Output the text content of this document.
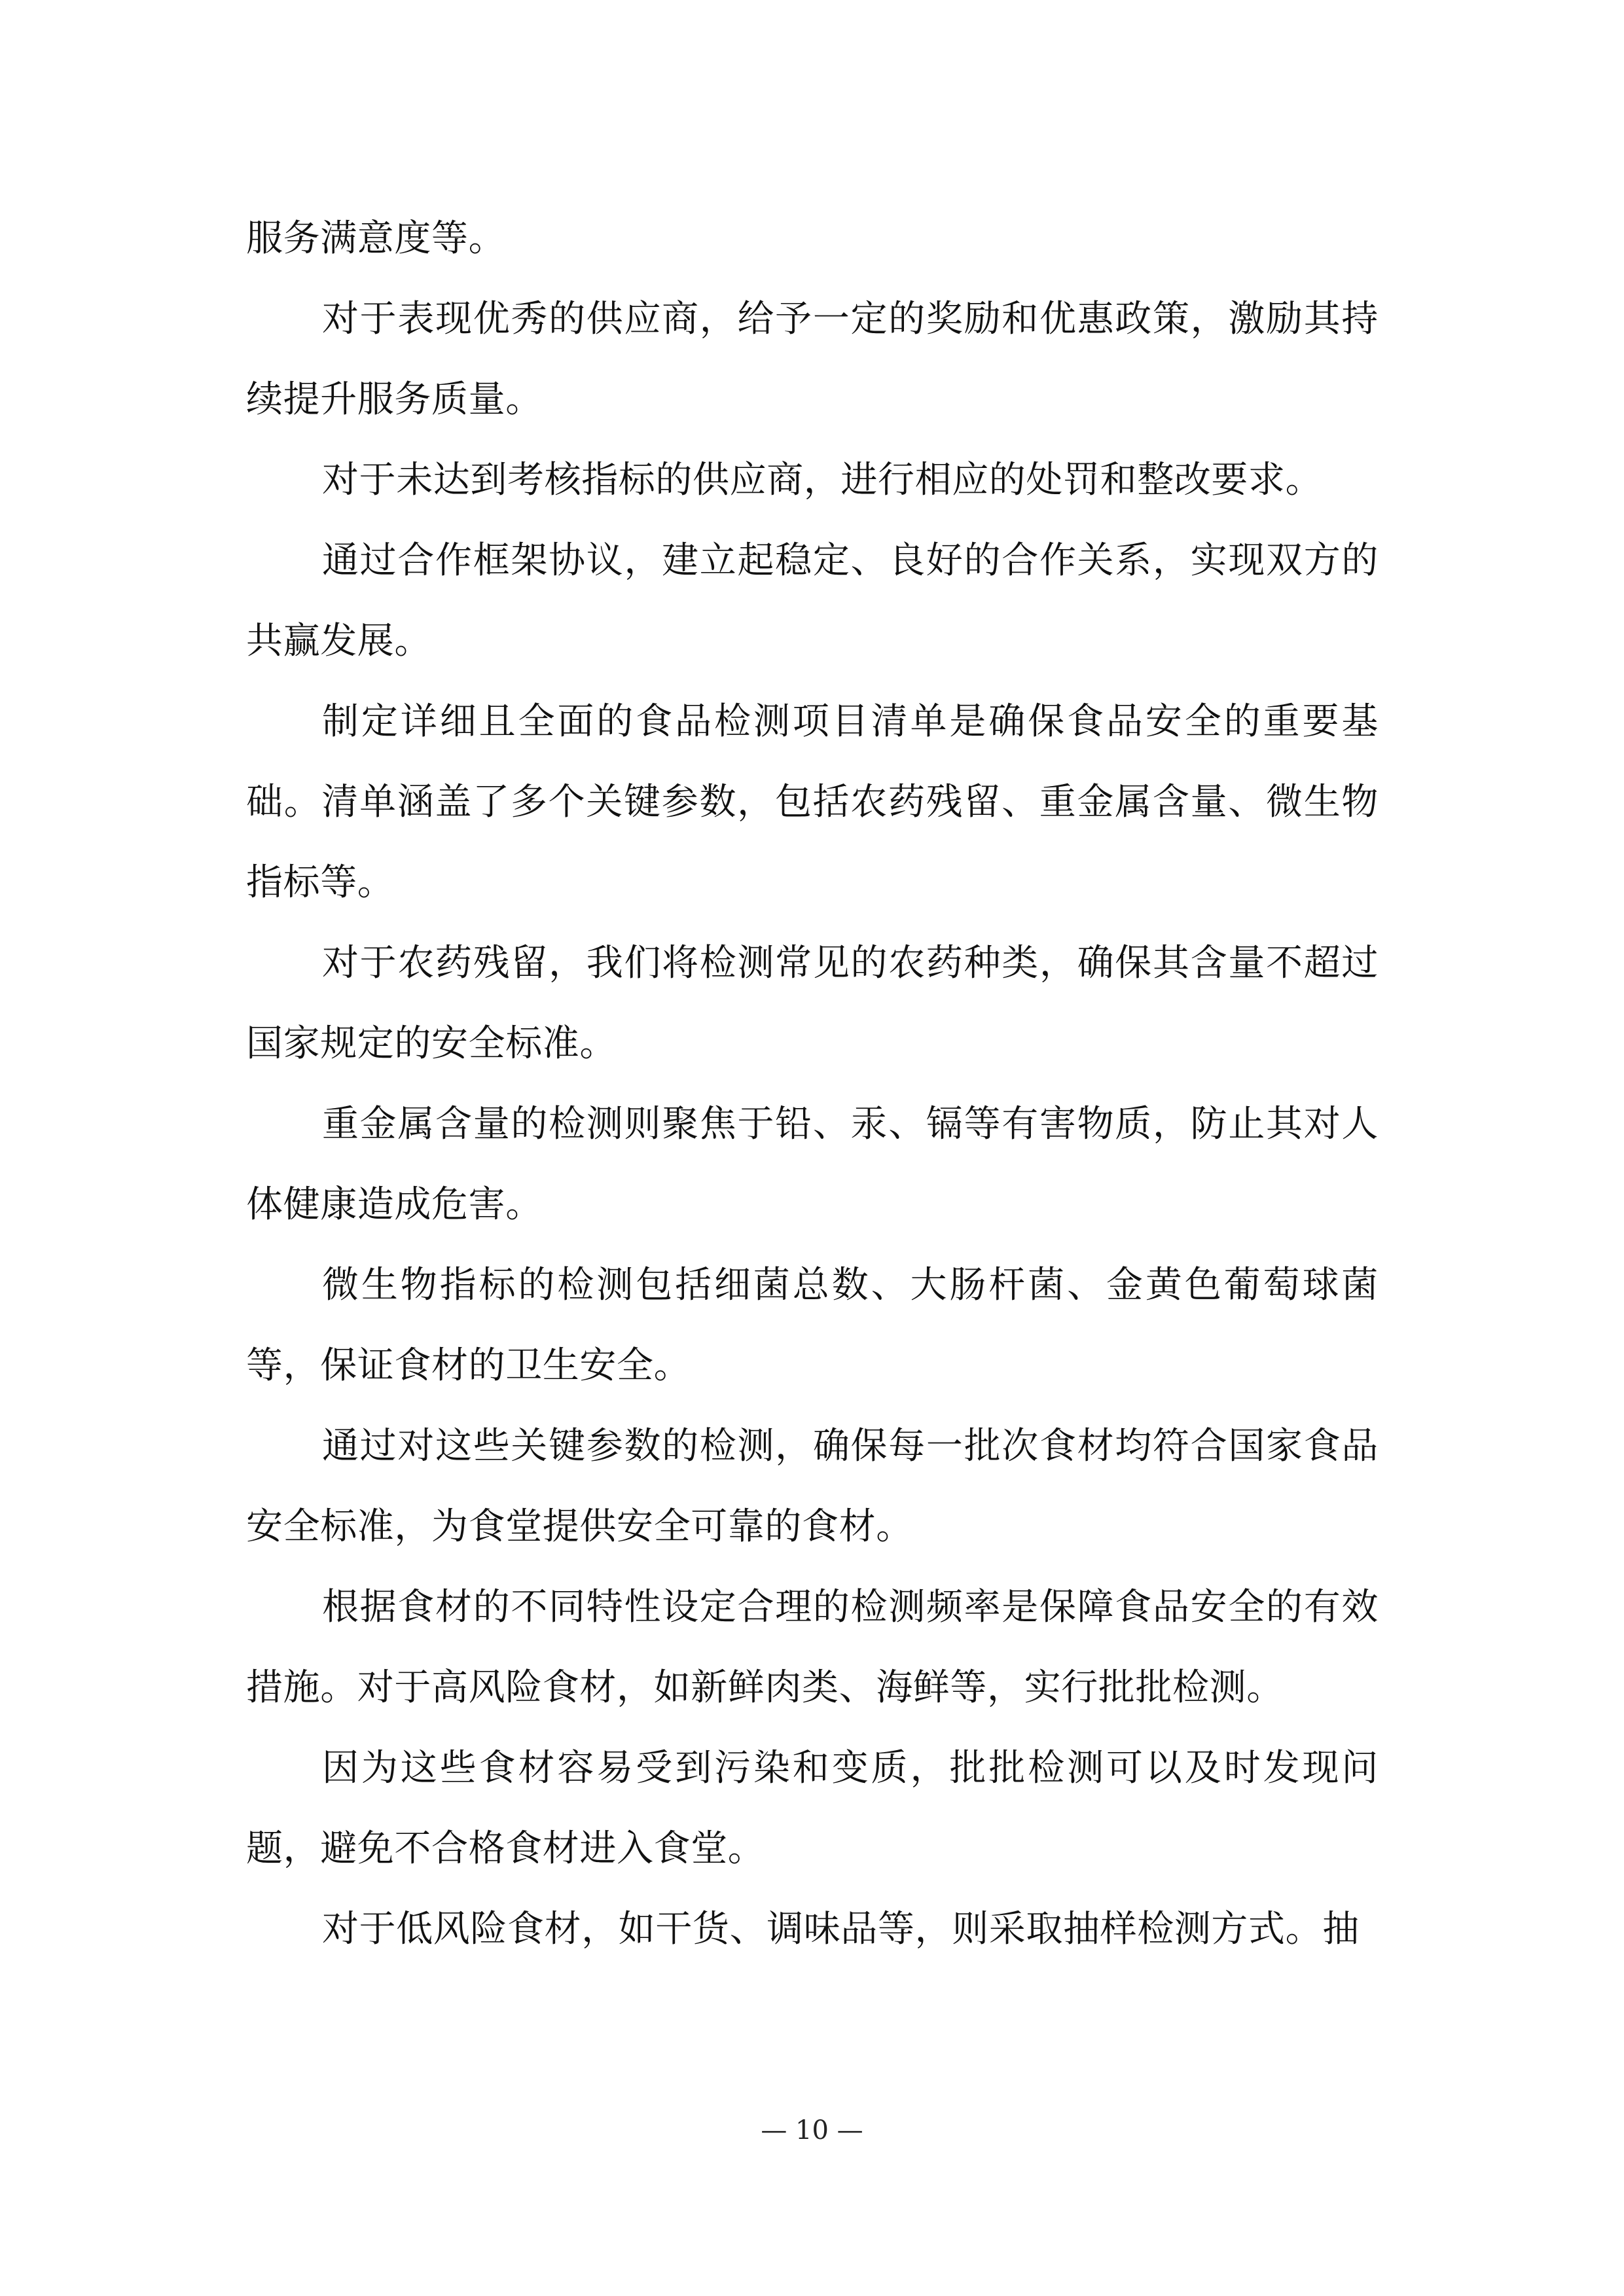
服务满意度等。

对于表现优秀的供应商，给予一定的奖励和优惠政策，激励其持续提升服务质量。

对于未达到考核指标的供应商，进行相应的处罚和整改要求。

通过合作框架协议，建立起稳定、良好的合作关系，实现双方的共赢发展。

制定详细且全面的食品检测项目清单是确保食品安全的重要基础。清单涵盖了多个关键参数，包括农药残留、重金属含量、微生物指标等。

对于农药残留，我们将检测常见的农药种类，确保其含量不超过国家规定的安全标准。

重金属含量的检测则聚焦于铅、汞、镉等有害物质，防止其对人体健康造成危害。

微生物指标的检测包括细菌总数、大肠杆菌、金黄色葡萄球菌等，保证食材的卫生安全。

通过对这些关键参数的检测，确保每一批次食材均符合国家食品安全标准，为食堂提供安全可靠的食材。

根据食材的不同特性设定合理的检测频率是保障食品安全的有效措施。对于高风险食材，如新鲜肉类、海鲜等，实行批批检测。

因为这些食材容易受到污染和变质，批批检测可以及时发现问题，避免不合格食材进入食堂。

对于低风险食材，如干货、调味品等，则采取抽样检测方式。抽

— 10 —
